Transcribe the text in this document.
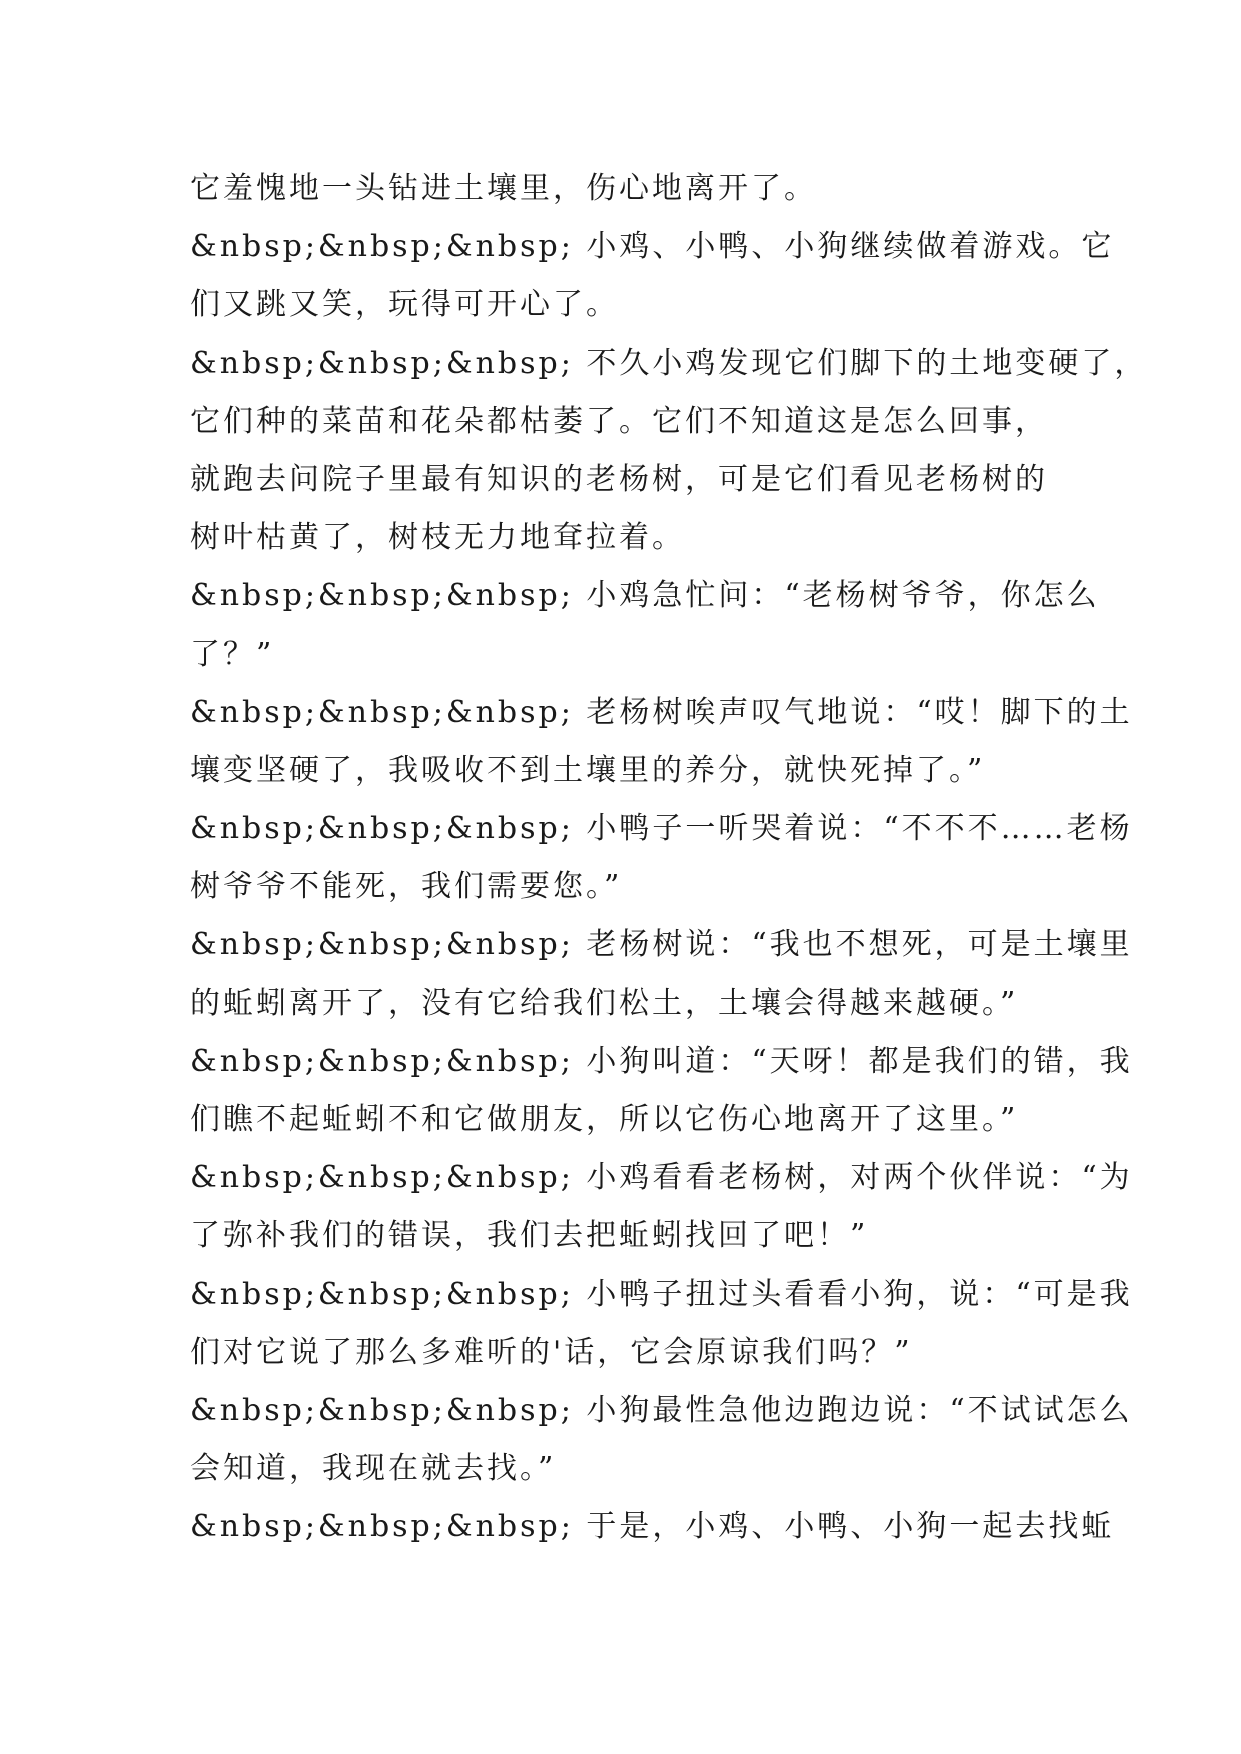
它羞愧地一头钻进土壤里，伤心地离开了。
&nbsp;&nbsp;&nbsp; 小鸡、小鸭、小狗继续做着游戏。它
们又跳又笑，玩得可开心了。
&nbsp;&nbsp;&nbsp; 不久小鸡发现它们脚下的土地变硬了，
它们种的菜苗和花朵都枯萎了。它们不知道这是怎么回事，
就跑去问院子里最有知识的老杨树，可是它们看见老杨树的
树叶枯黄了，树枝无力地耷拉着。
&nbsp;&nbsp;&nbsp; 小鸡急忙问：“老杨树爷爷，你怎么
了？”
&nbsp;&nbsp;&nbsp; 老杨树唉声叹气地说：“哎！脚下的土
壤变坚硬了，我吸收不到土壤里的养分，就快死掉了。”
&nbsp;&nbsp;&nbsp; 小鸭子一听哭着说：“不不不……老杨
树爷爷不能死，我们需要您。”
&nbsp;&nbsp;&nbsp; 老杨树说：“我也不想死，可是土壤里
的蚯蚓离开了，没有它给我们松土，土壤会得越来越硬。”
&nbsp;&nbsp;&nbsp; 小狗叫道：“天呀！都是我们的错，我
们瞧不起蚯蚓不和它做朋友，所以它伤心地离开了这里。”
&nbsp;&nbsp;&nbsp; 小鸡看看老杨树，对两个伙伴说：“为
了弥补我们的错误，我们去把蚯蚓找回了吧！”
&nbsp;&nbsp;&nbsp; 小鸭子扭过头看看小狗，说：“可是我
们对它说了那么多难听的'话，它会原谅我们吗？”
&nbsp;&nbsp;&nbsp; 小狗最性急他边跑边说：“不试试怎么
会知道，我现在就去找。”
&nbsp;&nbsp;&nbsp; 于是，小鸡、小鸭、小狗一起去找蚯
